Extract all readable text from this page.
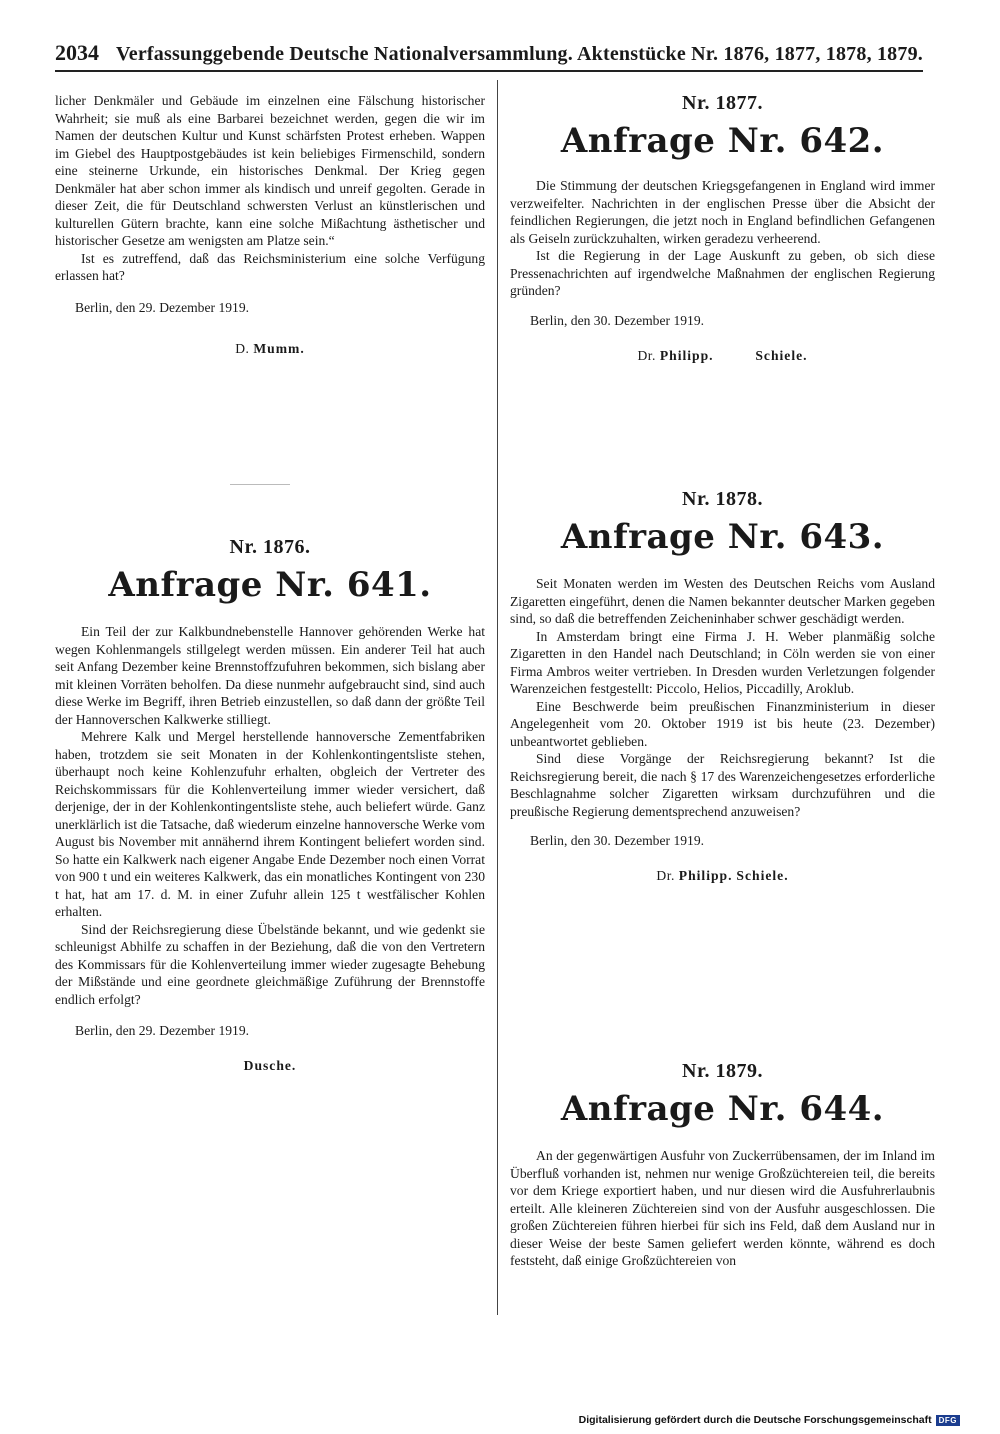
2034 Verfassunggebende Deutsche Nationalversammlung. Aktenstücke Nr. 1876, 1877, 1878, 1879.

licher Denkmäler und Gebäude im einzelnen eine Fälschung historischer Wahrheit; sie muß als eine Barbarei bezeichnet werden, gegen die wir im Namen der deutschen Kultur und Kunst schärfsten Protest erheben. Wappen im Giebel des Hauptpostgebäudes ist kein beliebiges Firmenschild, sondern eine steinerne Urkunde, ein historisches Denkmal. Der Krieg gegen Denkmäler hat aber schon immer als kindisch und unreif gegolten. Gerade in dieser Zeit, die für Deutschland schwersten Verlust an künstlerischen und kulturellen Gütern brachte, kann eine solche Mißachtung ästhetischer und historischer Gesetze am wenigsten am Platze sein.“

Ist es zutreffend, daß das Reichsministerium eine solche Verfügung erlassen hat?

Berlin, den 29. Dezember 1919.
D. Mumm.
Nr. 1876.
Anfrage Nr. 641.

Ein Teil der zur Kalkbundnebenstelle Hannover gehörenden Werke hat wegen Kohlenmangels stillgelegt werden müssen. Ein anderer Teil hat auch seit Anfang Dezember keine Brennstoffzufuhren bekommen, sich bislang aber mit kleinen Vorräten beholfen. Da diese nunmehr aufgebraucht sind, sind auch diese Werke im Begriff, ihren Betrieb einzustellen, so daß dann der größte Teil der Hannoverschen Kalkwerke stilliegt.

Mehrere Kalk und Mergel herstellende hannoversche Zementfabriken haben, trotzdem sie seit Monaten in der Kohlenkontingentsliste stehen, überhaupt noch keine Kohlenzufuhr erhalten, obgleich der Vertreter des Reichskommissars für die Kohlenverteilung immer wieder versichert, daß derjenige, der in der Kohlenkontingentsliste stehe, auch beliefert würde. Ganz unerklärlich ist die Tatsache, daß wiederum einzelne hannoversche Werke vom August bis November mit annähernd ihrem Kontingent beliefert worden sind. So hatte ein Kalkwerk nach eigener Angabe Ende Dezember noch einen Vorrat von 900 t und ein weiteres Kalkwerk, das ein monatliches Kontingent von 230 t hat, hat am 17. d. M. in einer Zufuhr allein 125 t westfälischer Kohlen erhalten.

Sind der Reichsregierung diese Übelstände bekannt, und wie gedenkt sie schleunigst Abhilfe zu schaffen in der Beziehung, daß die von den Vertretern des Kommissars für die Kohlenverteilung immer wieder zugesagte Behebung der Mißstände und eine geordnete gleichmäßige Zuführung der Brennstoffe endlich erfolgt?

Berlin, den 29. Dezember 1919.
Dusche.
Nr. 1877.
Anfrage Nr. 642.

Die Stimmung der deutschen Kriegsgefangenen in England wird immer verzweifelter. Nachrichten in der englischen Presse über die Absicht der feindlichen Regierungen, die jetzt noch in England befindlichen Gefangenen als Geiseln zurückzuhalten, wirken geradezu verheerend.

Ist die Regierung in der Lage Auskunft zu geben, ob sich diese Pressenachrichten auf irgendwelche Maßnahmen der englischen Regierung gründen?

Berlin, den 30. Dezember 1919.
Dr. Philipp.	Schiele.
Nr. 1878.
Anfrage Nr. 643.

Seit Monaten werden im Westen des Deutschen Reichs vom Ausland Zigaretten eingeführt, denen die Namen bekannter deutscher Marken gegeben sind, so daß die betreffenden Zeicheninhaber schwer geschädigt werden.

In Amsterdam bringt eine Firma J. H. Weber planmäßig solche Zigaretten in den Handel nach Deutschland; in Cöln werden sie von einer Firma Ambros weiter vertrieben. In Dresden wurden Verletzungen folgender Warenzeichen festgestellt: Piccolo, Helios, Piccadilly, Aroklub.

Eine Beschwerde beim preußischen Finanzministerium in dieser Angelegenheit vom 20. Oktober 1919 ist bis heute (23. Dezember) unbeantwortet geblieben.

Sind diese Vorgänge der Reichsregierung bekannt? Ist die Reichsregierung bereit, die nach § 17 des Warenzeichengesetzes erforderliche Beschlagnahme solcher Zigaretten wirksam durchzuführen und die preußische Regierung dementsprechend anzuweisen?

Berlin, den 30. Dezember 1919.
Dr. Philipp. Schiele.
Nr. 1879.
Anfrage Nr. 644.

An der gegenwärtigen Ausfuhr von Zuckerrübensamen, der im Inland im Überfluß vorhanden ist, nehmen nur wenige Großzüchtereien teil, die bereits vor dem Kriege exportiert haben, und nur diesen wird die Ausfuhrerlaubnis erteilt. Alle kleineren Züchtereien sind von der Ausfuhr ausgeschlossen. Die großen Züchtereien führen hierbei für sich ins Feld, daß dem Ausland nur in dieser Weise der beste Samen geliefert werden könnte, während es doch feststeht, daß einige Großzüchtereien von

Digitalisierung gefördert durch die Deutsche Forschungsgemeinschaft DFG
